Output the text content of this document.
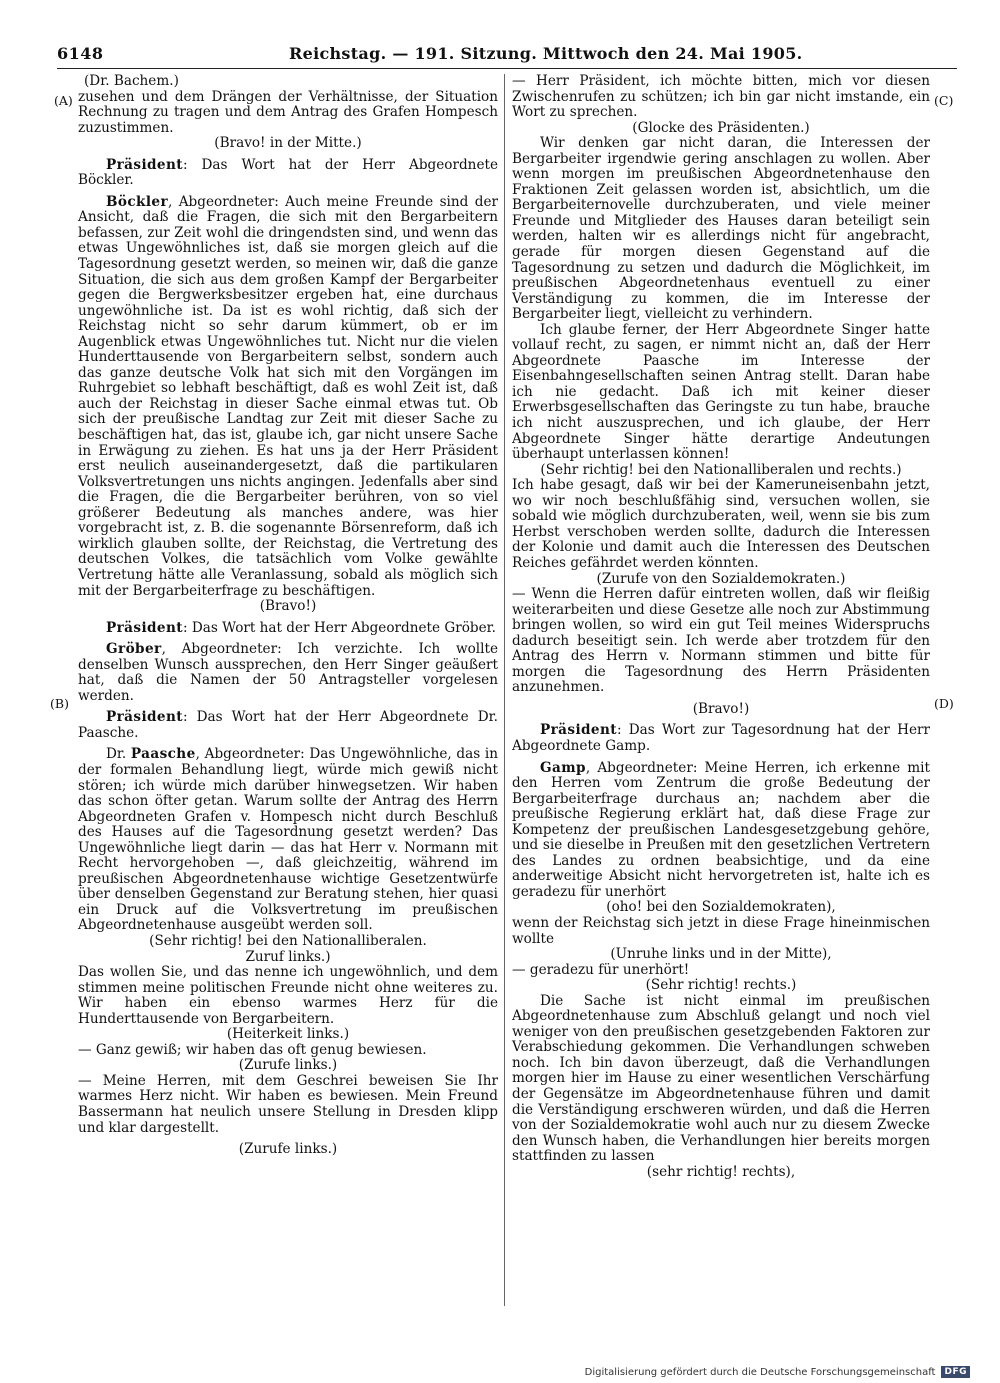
6148	Reichstag. — 191. Sitzung. Mittwoch den 24. Mai 1905.
(A)
(B)
(C)
(D)

(Dr. Bachem.)

zusehen und dem Drängen der Verhältnisse, der Situation Rechnung zu tragen und dem Antrag des Grafen Hompesch zuzustimmen.

(Bravo! in der Mitte.)

Präsident: Das Wort hat der Herr Abgeordnete Böckler.

Böckler, Abgeordneter: Auch meine Freunde sind der Ansicht, daß die Fragen, die sich mit den Bergarbeitern befassen, zur Zeit wohl die dringendsten sind, und wenn das etwas Ungewöhnliches ist, daß sie morgen gleich auf die Tagesordnung gesetzt werden, so meinen wir, daß die ganze Situation, die sich aus dem großen Kampf der Bergarbeiter gegen die Bergwerksbesitzer ergeben hat, eine durchaus ungewöhnliche ist. Da ist es wohl richtig, daß sich der Reichstag nicht so sehr darum kümmert, ob er im Augenblick etwas Ungewöhnliches tut. Nicht nur die vielen Hunderttausende von Bergarbeitern selbst, sondern auch das ganze deutsche Volk hat sich mit den Vorgängen im Ruhrgebiet so lebhaft beschäftigt, daß es wohl Zeit ist, daß auch der Reichstag in dieser Sache einmal etwas tut. Ob sich der preußische Landtag zur Zeit mit dieser Sache zu beschäftigen hat, das ist, glaube ich, gar nicht unsere Sache in Erwägung zu ziehen. Es hat uns ja der Herr Präsident erst neulich auseinandergesetzt, daß die partikularen Volksvertretungen uns nichts angingen. Jedenfalls aber sind die Fragen, die die Bergarbeiter berühren, von so viel größerer Bedeutung als manches andere, was hier vorgebracht ist, z. B. die sogenannte Börsenreform, daß ich wirklich glauben sollte, der Reichstag, die Vertretung des deutschen Volkes, die tatsächlich vom Volke gewählte Vertretung hätte alle Veranlassung, sobald als möglich sich mit der Bergarbeiterfrage zu beschäftigen.

(Bravo!)

Präsident: Das Wort hat der Herr Abgeordnete Gröber.

Gröber, Abgeordneter: Ich verzichte. Ich wollte denselben Wunsch aussprechen, den Herr Singer geäußert hat, daß die Namen der 50 Antragsteller vorgelesen werden.

Präsident: Das Wort hat der Herr Abgeordnete Dr. Paasche.

Dr. Paasche, Abgeordneter: Das Ungewöhnliche, das in der formalen Behandlung liegt, würde mich gewiß nicht stören; ich würde mich darüber hinwegsetzen. Wir haben das schon öfter getan. Warum sollte der Antrag des Herrn Abgeordneten Grafen v. Hompesch nicht durch Beschluß des Hauses auf die Tagesordnung gesetzt werden? Das Ungewöhnliche liegt darin — das hat Herr v. Normann mit Recht hervorgehoben —, daß gleichzeitig, während im preußischen Abgeordnetenhause wichtige Gesetzentwürfe über denselben Gegenstand zur Beratung stehen, hier quasi ein Druck auf die Volksvertretung im preußischen Abgeordnetenhause ausgeübt werden soll.

(Sehr richtig! bei den Nationalliberalen.

Zuruf links.)

Das wollen Sie, und das nenne ich ungewöhnlich, und dem stimmen meine politischen Freunde nicht ohne weiteres zu. Wir haben ein ebenso warmes Herz für die Hunderttausende von Bergarbeitern.

(Heiterkeit links.)

— Ganz gewiß; wir haben das oft genug bewiesen.

(Zurufe links.)

— Meine Herren, mit dem Geschrei beweisen Sie Ihr warmes Herz nicht. Wir haben es bewiesen. Mein Freund Bassermann hat neulich unsere Stellung in Dresden klipp und klar dargestellt.

(Zurufe links.)

— Herr Präsident, ich möchte bitten, mich vor diesen Zwischenrufen zu schützen; ich bin gar nicht imstande, ein Wort zu sprechen.

(Glocke des Präsidenten.)

Wir denken gar nicht daran, die Interessen der Bergarbeiter irgendwie gering anschlagen zu wollen. Aber wenn morgen im preußischen Abgeordnetenhause den Fraktionen Zeit gelassen worden ist, absichtlich, um die Bergarbeiternovelle durchzuberaten, und viele meiner Freunde und Mitglieder des Hauses daran beteiligt sein werden, halten wir es allerdings nicht für angebracht, gerade für morgen diesen Gegenstand auf die Tagesordnung zu setzen und dadurch die Möglichkeit, im preußischen Abgeordnetenhaus eventuell zu einer Verständigung zu kommen, die im Interesse der Bergarbeiter liegt, vielleicht zu verhindern.

Ich glaube ferner, der Herr Abgeordnete Singer hatte vollauf recht, zu sagen, er nimmt nicht an, daß der Herr Abgeordnete Paasche im Interesse der Eisenbahngesellschaften seinen Antrag stellt. Daran habe ich nie gedacht. Daß ich mit keiner dieser Erwerbsgesellschaften das Geringste zu tun habe, brauche ich nicht auszusprechen, und ich glaube, der Herr Abgeordnete Singer hätte derartige Andeutungen überhaupt unterlassen können!

(Sehr richtig! bei den Nationalliberalen und rechts.)

Ich habe gesagt, daß wir bei der Kameruneisenbahn jetzt, wo wir noch beschlußfähig sind, versuchen wollen, sie sobald wie möglich durchzuberaten, weil, wenn sie bis zum Herbst verschoben werden sollte, dadurch die Interessen der Kolonie und damit auch die Interessen des Deutschen Reiches gefährdet werden könnten.

(Zurufe von den Sozialdemokraten.)

— Wenn die Herren dafür eintreten wollen, daß wir fleißig weiterarbeiten und diese Gesetze alle noch zur Abstimmung bringen wollen, so wird ein gut Teil meines Widerspruchs dadurch beseitigt sein. Ich werde aber trotzdem für den Antrag des Herrn v. Normann stimmen und bitte für morgen die Tagesordnung des Herrn Präsidenten anzunehmen.

(Bravo!)

Präsident: Das Wort zur Tagesordnung hat der Herr Abgeordnete Gamp.

Gamp, Abgeordneter: Meine Herren, ich erkenne mit den Herren vom Zentrum die große Bedeutung der Bergarbeiterfrage durchaus an; nachdem aber die preußische Regierung erklärt hat, daß diese Frage zur Kompetenz der preußischen Landesgesetzgebung gehöre, und sie dieselbe in Preußen mit den gesetzlichen Vertretern des Landes zu ordnen beabsichtige, und da eine anderweitige Absicht nicht hervorgetreten ist, halte ich es geradezu für unerhört

(oho! bei den Sozialdemokraten),

wenn der Reichstag sich jetzt in diese Frage hineinmischen wollte

(Unruhe links und in der Mitte),

— geradezu für unerhört!

(Sehr richtig! rechts.)

Die Sache ist nicht einmal im preußischen Abgeordnetenhause zum Abschluß gelangt und noch viel weniger von den preußischen gesetzgebenden Faktoren zur Verabschiedung gekommen. Die Verhandlungen schweben noch. Ich bin davon überzeugt, daß die Verhandlungen morgen hier im Hause zu einer wesentlichen Verschärfung der Gegensätze im Abgeordnetenhause führen und damit die Verständigung erschweren würden, und daß die Herren von der Sozialdemokratie wohl auch nur zu diesem Zwecke den Wunsch haben, die Verhandlungen hier bereits morgen stattfinden zu lassen

(sehr richtig! rechts),

Digitalisierung gefördert durch die Deutsche Forschungsgemeinschaft	DFG
